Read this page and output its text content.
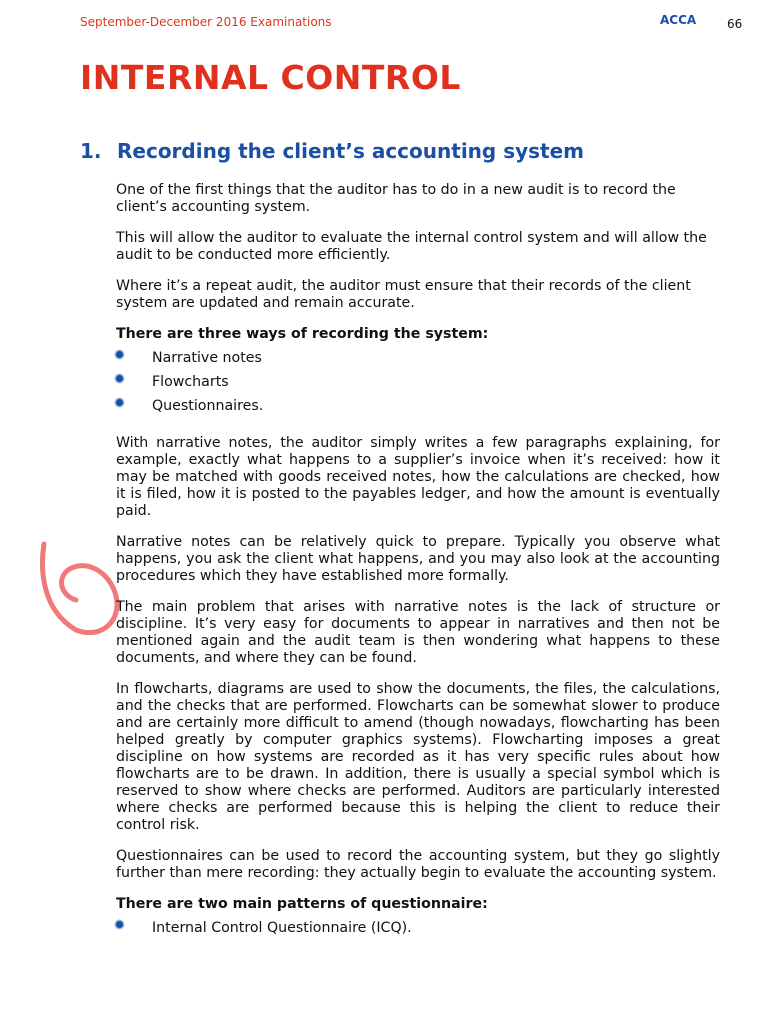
September-December 2016 Examinations	ACCA	66
INTERNAL CONTROL
1. Recording the client’s accounting system

One of the first things that the auditor has to do in a new audit is to record the client’s accounting system.

This will allow the auditor to evaluate the internal control system and will allow the audit to be conducted more efficiently.

Where it’s a repeat audit, the auditor must ensure that their records of the client system are updated and remain accurate.

There are three ways of recording the system:

Narrative notes
Flowcharts
Questionnaires.

With narrative notes, the auditor simply writes a few paragraphs explaining, for example, exactly what happens to a supplier’s invoice when it’s received: how it may be matched with goods received notes, how the calculations are checked, how it is filed, how it is posted to the payables ledger, and how the amount is eventually paid.

Narrative notes can be relatively quick to prepare. Typically you observe what happens, you ask the client what happens, and you may also look at the accounting procedures which they have established more formally.

The main problem that arises with narrative notes is the lack of structure or discipline. It’s very easy for documents to appear in narratives and then not be mentioned again and the audit team is then wondering what happens to these documents, and where they can be found.

In flowcharts, diagrams are used to show the documents, the files, the calculations, and the checks that are performed. Flowcharts can be somewhat slower to produce and are certainly more difficult to amend (though nowadays, flowcharting has been helped greatly by computer graphics systems). Flowcharting imposes a great discipline on how systems are recorded as it has very specific rules about how flowcharts are to be drawn. In addition, there is usually a special symbol which is reserved to show where checks are performed. Auditors are particularly interested where checks are performed because this is helping the client to reduce their control risk.

Questionnaires can be used to record the accounting system, but they go slightly further than mere recording: they actually begin to evaluate the accounting system.

There are two main patterns of questionnaire:

Internal Control Questionnaire (ICQ).
